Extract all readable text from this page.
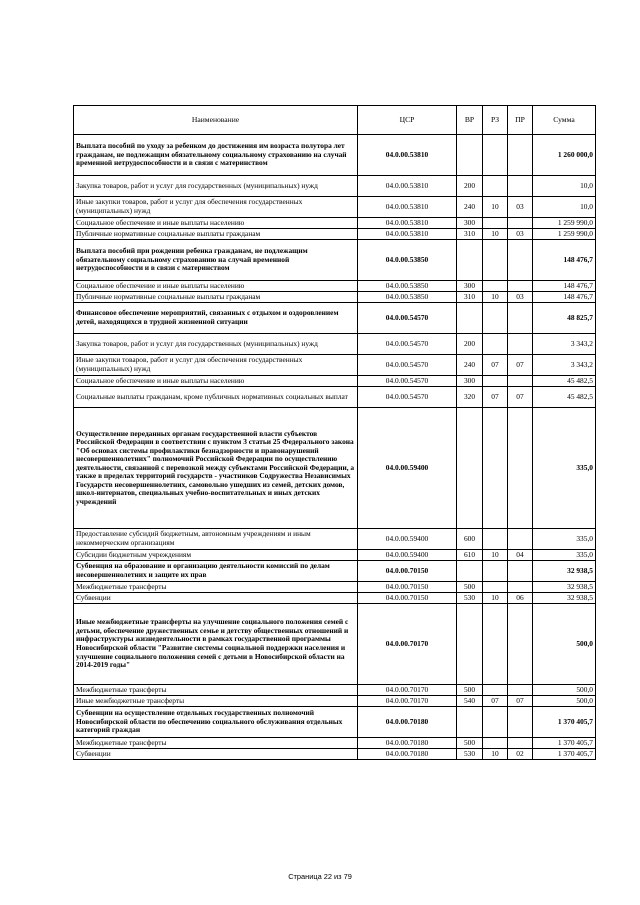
Наименование	ЦСР	ВР	РЗ	ПР	Сумма
Выплата пособий по уходу за ребенком до достижения им возраста полутора лет гражданам, не подлежащим обязательному социальному страхованию на случай временной нетрудоспособности и в связи с материнством	04.0.00.53810				1 260 000,0
Закупка товаров, работ и услуг для государственных (муниципальных) нужд	04.0.00.53810	200			10,0
Иные закупки товаров, работ и услуг для обеспечения государственных (муниципальных) нужд	04.0.00.53810	240	10	03	10,0
Социальное обеспечение и иные выплаты населению	04.0.00.53810	300			1 259 990,0
Публичные нормативные социальные выплаты гражданам	04.0.00.53810	310	10	03	1 259 990,0
Выплата пособий при рождении ребенка гражданам, не подлежащим обязательному социальному страхованию на случай временной нетрудоспособности и в связи с материнством	04.0.00.53850				148 476,7
Социальное обеспечение и иные выплаты населению	04.0.00.53850	300			148 476,7
Публичные нормативные социальные выплаты гражданам	04.0.00.53850	310	10	03	148 476,7
Финансовое обеспечение мероприятий, связанных с отдыхом и оздоровлением детей, находящихся в трудной жизненной ситуации	04.0.00.54570				48 825,7
Закупка товаров, работ и услуг для государственных (муниципальных) нужд	04.0.00.54570	200			3 343,2
Иные закупки товаров, работ и услуг для обеспечения государственных (муниципальных) нужд	04.0.00.54570	240	07	07	3 343,2
Социальное обеспечение и иные выплаты населению	04.0.00.54570	300			45 482,5
Социальные выплаты гражданам, кроме публичных нормативных социальных выплат	04.0.00.54570	320	07	07	45 482,5
Осуществление переданных органам государственной власти субъектов Российской Федерации в соответствии с пунктом 3 статьи 25 Федерального закона "Об основах системы профилактики безнадзорности и правонарушений несовершеннолетних" полномочий Российской Федерации по осуществлению деятельности, связанной с перевозкой между субъектами Российской Федерации, а также в пределах территорий государств - участников Содружества Независимых Государств несовершеннолетних, самовольно ушедших из семей, детских домов, школ-интернатов, специальных учебно-воспитательных и иных детских учреждений	04.0.00.59400				335,0
Предоставление субсидий бюджетным, автономным учреждениям и иным некоммерческим организациям	04.0.00.59400	600			335,0
Субсидии бюджетным учреждениям	04.0.00.59400	610	10	04	335,0
Субвенция на образование и организацию деятельности комиссий по делам несовершеннолетних и защите их прав	04.0.00.70150				32 938,5
Межбюджетные трансферты	04.0.00.70150	500			32 938,5
Субвенции	04.0.00.70150	530	10	06	32 938,5
Иные межбюджетные трансферты на улучшение социального положения семей с детьми, обеспечение дружественных семье и детству общественных отношений и инфраструктуры жизнедеятельности в рамках государственной программы Новосибирской области "Развитие системы социальной поддержки населения и улучшение социального положения семей с детьми в Новосибирской области на 2014-2019 годы"	04.0.00.70170				500,0
Межбюджетные трансферты	04.0.00.70170	500			500,0
Иные межбюджетные трансферты	04.0.00.70170	540	07	07	500,0
Субвенции на осуществление отдельных государственных полномочий Новосибирской области по обеспечению социального обслуживания отдельных категорий граждан	04.0.00.70180				1 370 405,7
Межбюджетные трансферты	04.0.00.70180	500			1 370 405,7
Субвенции	04.0.00.70180	530	10	02	1 370 405,7
Страница 22 из 79
